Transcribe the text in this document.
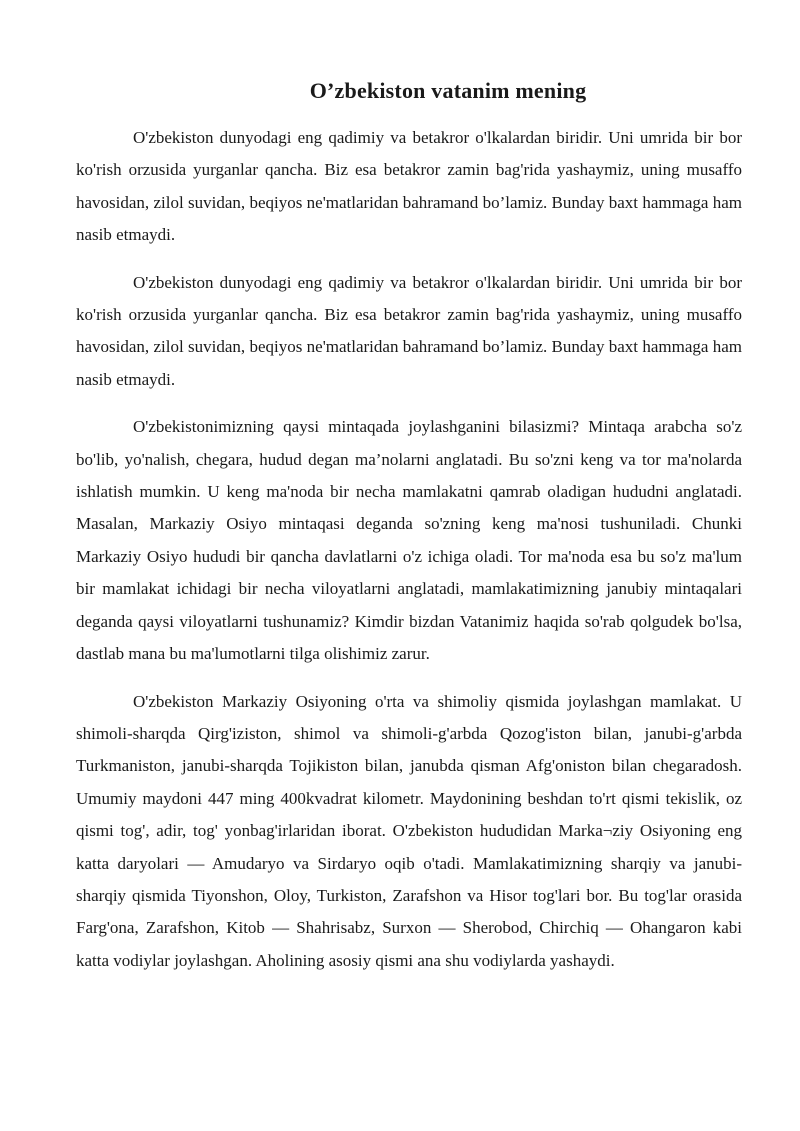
O’zbekiston vatanim mening

O'zbekiston dunyodagi eng qadimiy va betakror o'lkalardan biridir. Uni umrida bir bor ko'rish orzusida yurganlar qancha. Biz esa betakror zamin bag'rida yashaymiz, uning musaffo havosidan, zilol suvidan, beqiyos ne'matlaridan bahramand bo’lamiz. Bunday baxt hammaga ham nasib etmaydi.

O'zbekiston dunyodagi eng qadimiy va betakror o'lkalardan biridir. Uni umrida bir bor ko'rish orzusida yurganlar qancha. Biz esa betakror zamin bag'rida yashaymiz, uning musaffo havosidan, zilol suvidan, beqiyos ne'matlaridan bahramand bo’lamiz. Bunday baxt hammaga ham nasib etmaydi.

O'zbekistonimizning qaysi mintaqada joylashganini bilasizmi? Mintaqa arabcha so'z bo'lib, yo'nalish, chegara, hudud degan ma’nolarni anglatadi. Bu so'zni keng va tor ma'nolarda ishlatish mumkin. U keng ma'noda bir necha mamlakatni qamrab oladigan hududni anglatadi. Masalan, Markaziy Osiyo mintaqasi deganda so'zning keng ma'nosi tushuniladi. Chunki Markaziy Osiyo hududi bir qancha davlatlarni o'z ichiga oladi. Tor ma'noda esa bu so'z ma'lum bir mamlakat ichidagi bir necha viloyatlarni anglatadi, mamlakatimizning janubiy mintaqalari deganda qaysi viloyatlarni tushunamiz? Kimdir bizdan Vatanimiz haqida so'rab qolgudek bo'lsa, dastlab mana bu ma'lumotlarni tilga olishimiz zarur.

O'zbekiston Markaziy Osiyoning o'rta va shimoliy qismida joylashgan mamlakat. U shimoli-sharqda Qirg'iziston, shimol va shimoli-g'arbda Qozog'iston bilan, janubi-g'arbda Turkmaniston, janubi-sharqda Tojikiston bilan, janubda qisman Afg'oniston bilan chegaradosh. Umumiy maydoni 447 ming 400kvadrat kilometr. Maydonining beshdan to'rt qismi tekislik, oz qismi tog', adir, tog' yonbag'irlaridan iborat. O'zbekiston hududidan Marka¬ziy Osiyoning eng katta daryolari — Amudaryo va Sirdaryo oqib o'tadi. Mamlakatimizning sharqiy va janubi-sharqiy qismida Tiyonshon, Oloy, Turkiston, Zarafshon va Hisor tog'lari bor. Bu tog'lar orasida Farg'ona, Zarafshon, Kitob — Shahrisabz, Surxon — Sherobod, Chirchiq — Ohangaron kabi katta vodiylar joylashgan. Aholining asosiy qismi ana shu vodiylarda yashaydi.
